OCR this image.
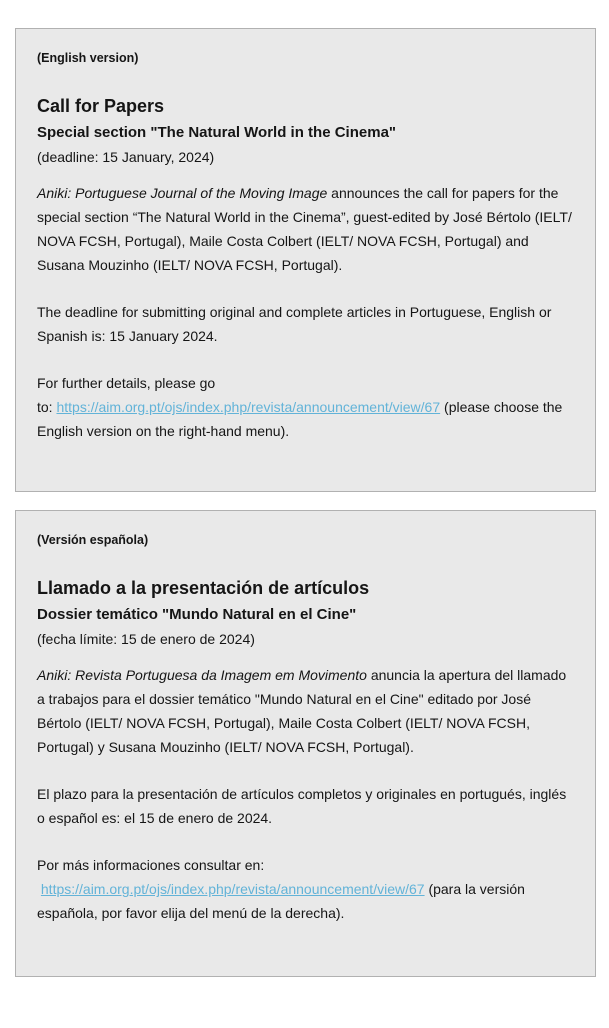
(English version)

Call for Papers
Special section "The Natural World in the Cinema"
(deadline: 15 January, 2024)

Aniki: Portuguese Journal of the Moving Image announces the call for papers for the special section “The Natural World in the Cinema”, guest-edited by José Bértolo (IELT/ NOVA FCSH, Portugal), Maile Costa Colbert (IELT/ NOVA FCSH, Portugal) and Susana Mouzinho (IELT/ NOVA FCSH, Portugal).

The deadline for submitting original and complete articles in Portuguese, English or Spanish is: 15 January 2024.

For further details, please go
to: https://aim.org.pt/ojs/index.php/revista/announcement/view/67 (please choose the English version on the right-hand menu).

(Versión española)

Llamado a la presentación de artículos
Dossier temático "Mundo Natural en el Cine"
(fecha límite: 15 de enero de 2024)

Aniki: Revista Portuguesa da Imagem em Movimento anuncia la apertura del llamado a trabajos para el dossier temático "Mundo Natural en el Cine" editado por José Bértolo (IELT/ NOVA FCSH, Portugal), Maile Costa Colbert (IELT/ NOVA FCSH, Portugal) y Susana Mouzinho (IELT/ NOVA FCSH, Portugal).

El plazo para la presentación de artículos completos y originales en portugués, inglés o español es: el 15 de enero de 2024.

Por más informaciones consultar en:
https://aim.org.pt/ojs/index.php/revista/announcement/view/67 (para la versión española, por favor elija del menú de la derecha).
